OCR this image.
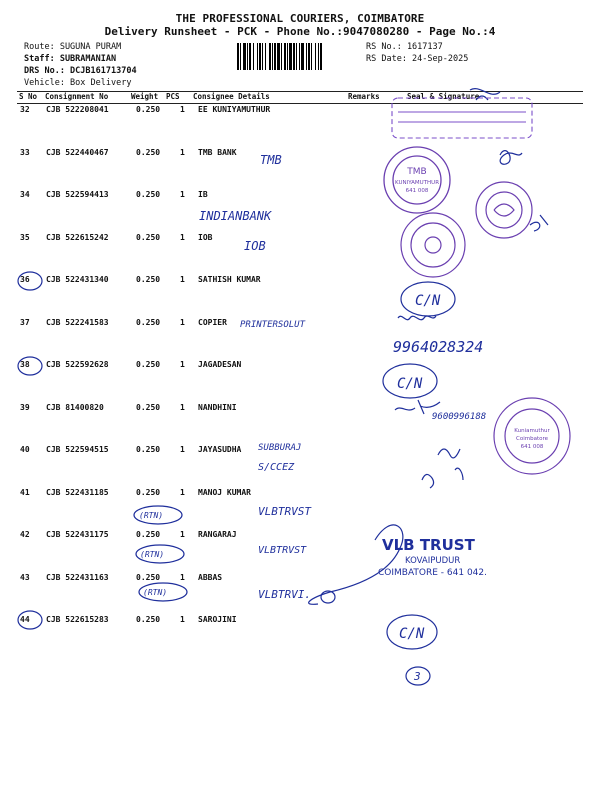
THE PROFESSIONAL COURIERS, COIMBATORE
Delivery Runsheet - PCK - Phone No.:9047080280 - Page No.:4
Route: SUGUNA PURAM
Staff: SUBRAMANIAN
DRS No.: DCJB161713704
Vehicle: Box Delivery
RS No.: 1617137
RS Date: 24-Sep-2025
S No Consignment No	Weight PCS Consignee Details	Remarks	Seal & Signature
32 CJB 522208041	0.250 1 EE KUNIYAMUTHUR
33 CJB 522440467	0.250 1 TMB BANK
34 CJB 522594413	0.250 1 IB
35 CJB 522615242	0.250 1 IOB
36 CJB 522431340	0.250 1 SATHISH KUMAR
37 CJB 522241583	0.250 1 COPIER
38 CJB 522592628	0.250 1 JAGADESAN
39 CJB 81400820	0.250 1 NANDHINI
40 CJB 522594515	0.250 1 JAYASUDHA
41 CJB 522431185	0.250 1 MANOJ KUMAR
42 CJB 522431175	0.250 1 RANGARAJ
43 CJB 522431163	0.250 1 ABBAS
44 CJB 522615283	0.250 1 SAROJINI
TMB
KUNIYAMUTHUR
641 008
Kuniamuthur
Coimbatore
641 008
VLB TRUST
KOVAIPUDUR
COIMBATORE - 641 042.
TMB
INDIANBANK
IOB
C/N
PRINTERSOLUT
9964028324
C/N
9600996188
SUBBURAJ
S/CCEZ
(RTN)	VLBTRVST
(RTN)	VLBTRVST
(RTN)	VLBTRVI.
C/N
3
